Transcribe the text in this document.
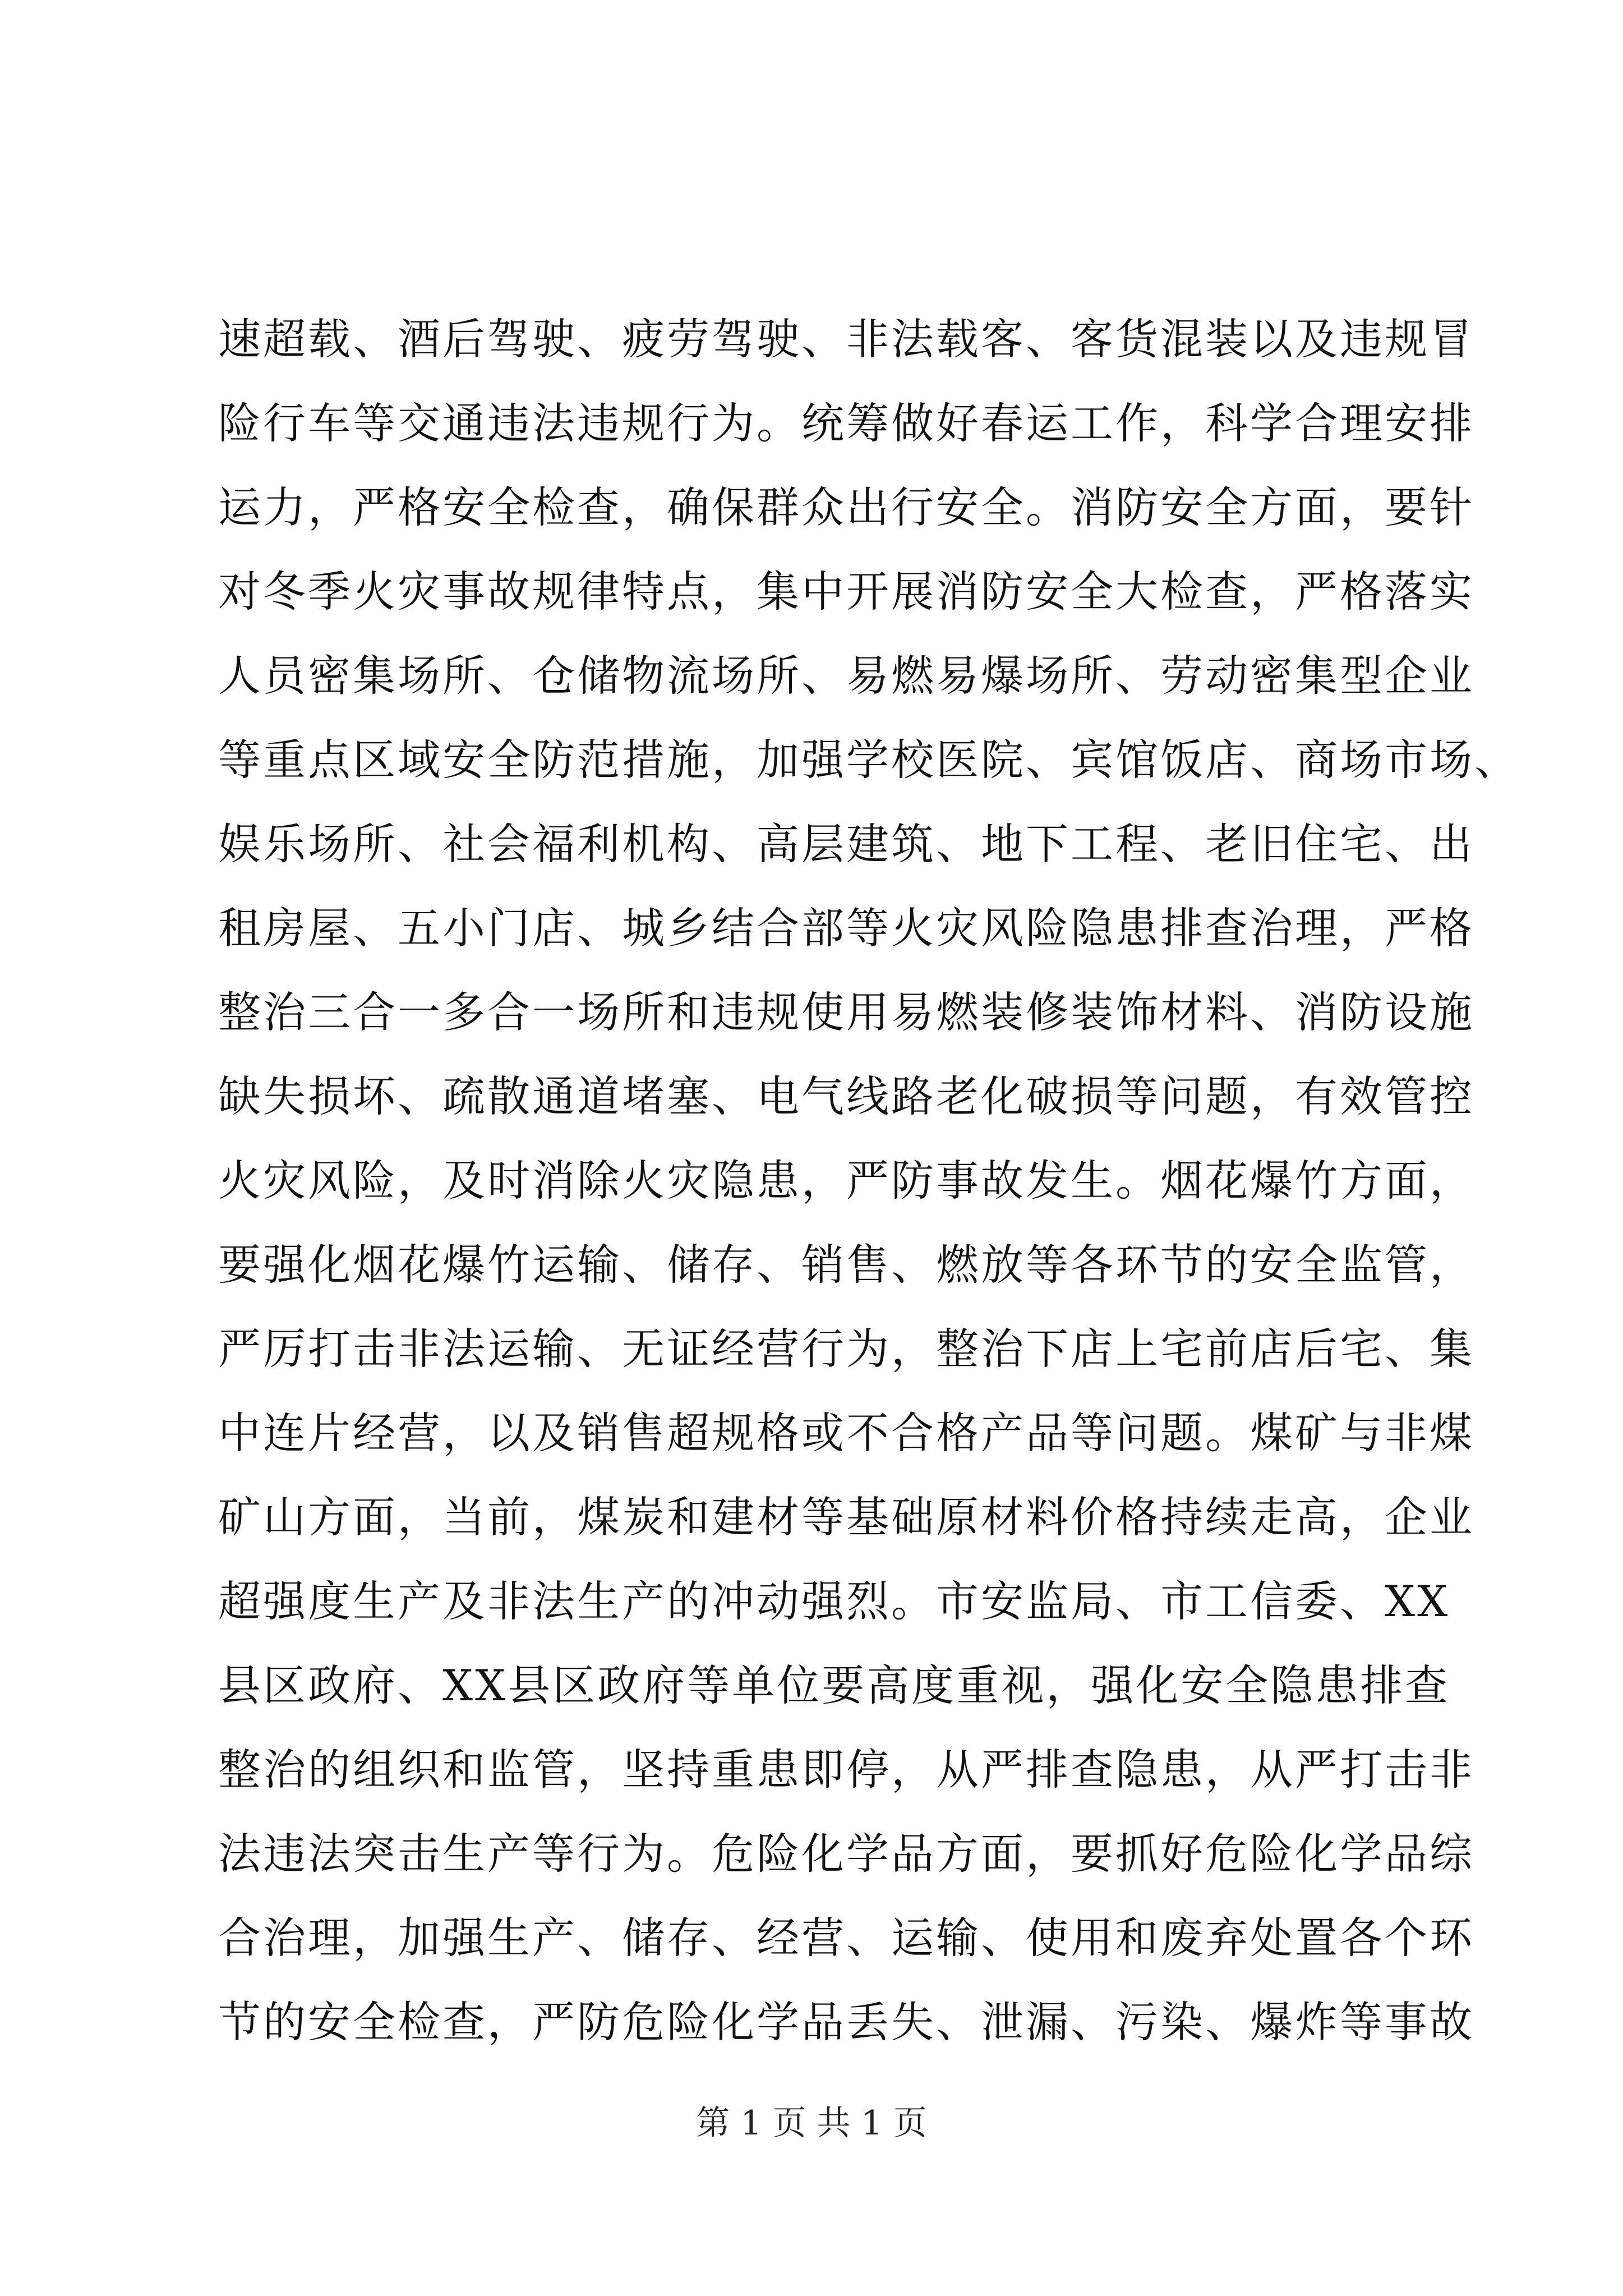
速超载、酒后驾驶、疲劳驾驶、非法载客、客货混装以及违规冒
险行车等交通违法违规行为。统筹做好春运工作，科学合理安排
运力，严格安全检查，确保群众出行安全。消防安全方面，要针
对冬季火灾事故规律特点，集中开展消防安全大检查，严格落实
人员密集场所、仓储物流场所、易燃易爆场所、劳动密集型企业
等重点区域安全防范措施，加强学校医院、宾馆饭店、商场市场、
娱乐场所、社会福利机构、高层建筑、地下工程、老旧住宅、出
租房屋、五小门店、城乡结合部等火灾风险隐患排查治理，严格
整治三合一多合一场所和违规使用易燃装修装饰材料、消防设施
缺失损坏、疏散通道堵塞、电气线路老化破损等问题，有效管控
火灾风险，及时消除火灾隐患，严防事故发生。烟花爆竹方面，
要强化烟花爆竹运输、储存、销售、燃放等各环节的安全监管，
严厉打击非法运输、无证经营行为，整治下店上宅前店后宅、集
中连片经营，以及销售超规格或不合格产品等问题。煤矿与非煤
矿山方面，当前，煤炭和建材等基础原材料价格持续走高，企业
超强度生产及非法生产的冲动强烈。市安监局、市工信委、XX
县区政府、XX县区政府等单位要高度重视，强化安全隐患排查
整治的组织和监管，坚持重患即停，从严排查隐患，从严打击非
法违法突击生产等行为。危险化学品方面，要抓好危险化学品综
合治理，加强生产、储存、经营、运输、使用和废弃处置各个环
节的安全检查，严防危险化学品丢失、泄漏、污染、爆炸等事故
第 1 页 共 1 页
